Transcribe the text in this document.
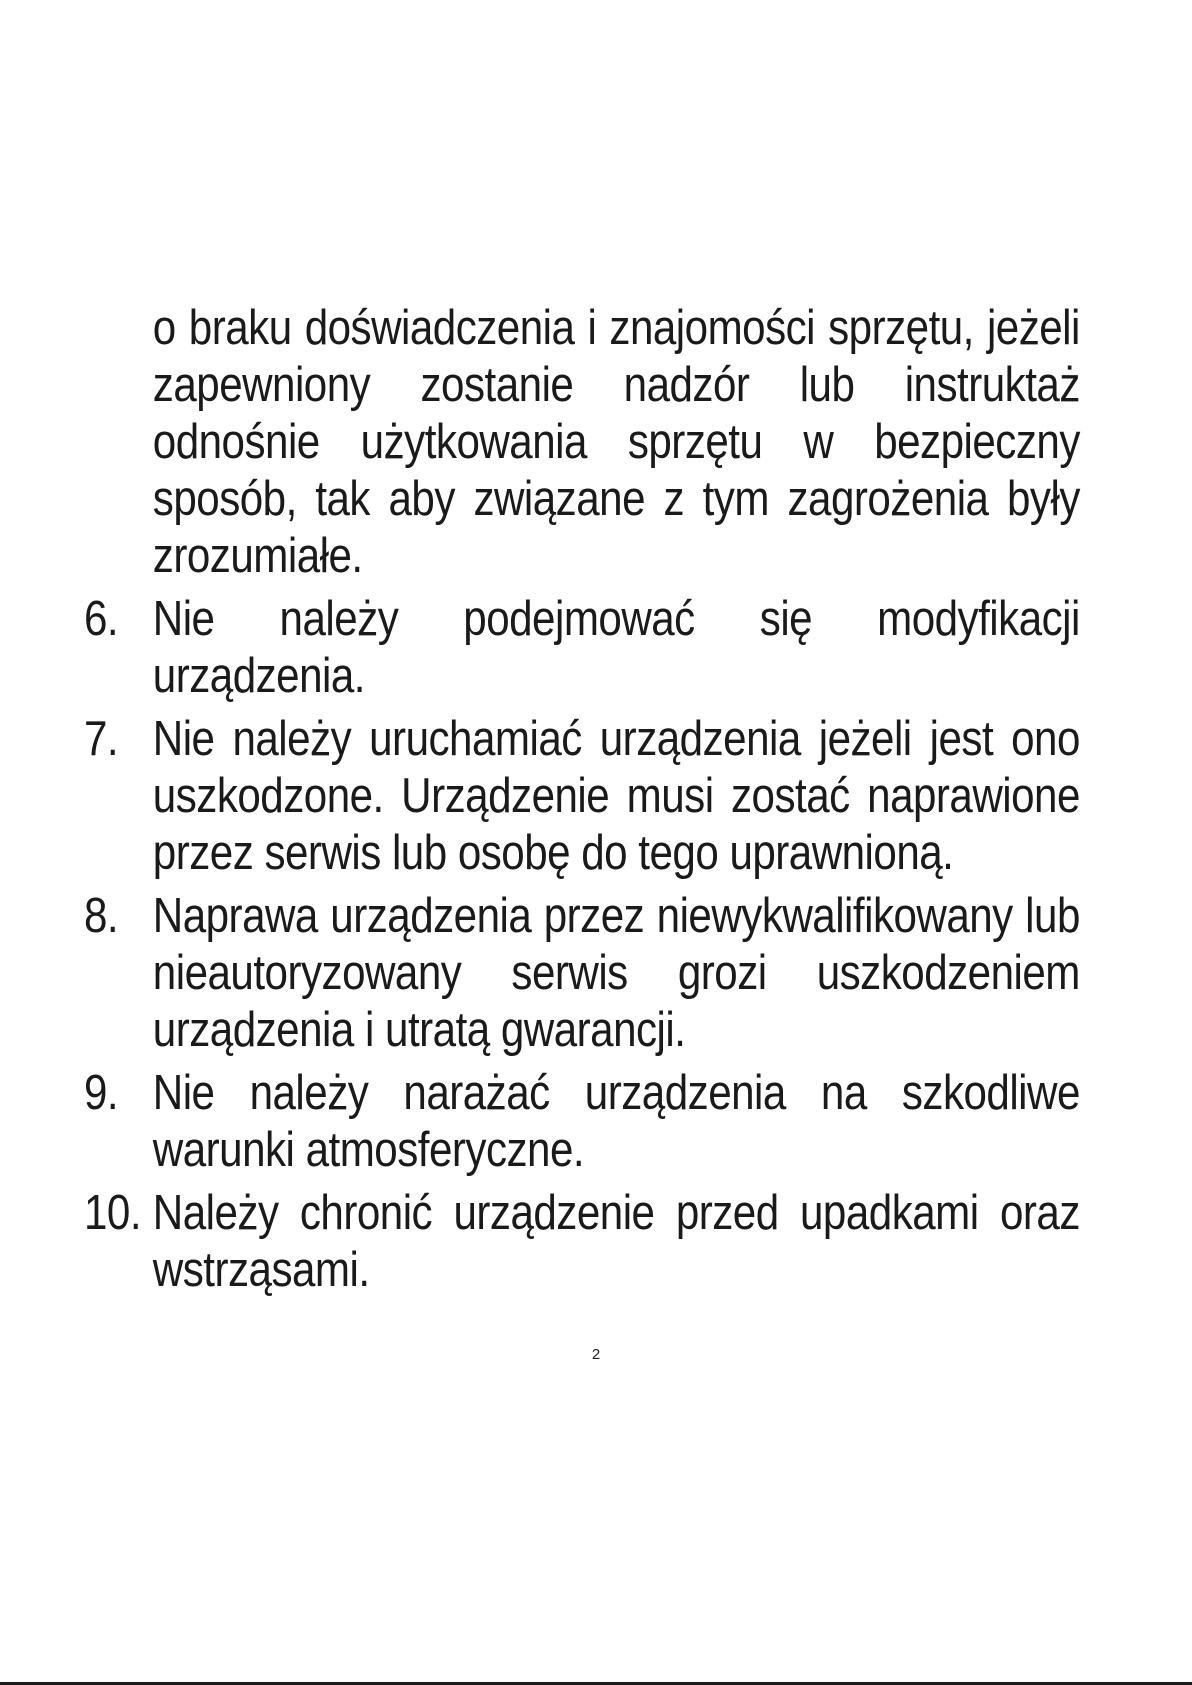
o braku doświadczenia i znajomości sprzętu, jeżeli zapewniony zostanie nadzór lub instruktaż odnośnie użytkowania sprzętu w bezpieczny sposób, tak aby związane z tym zagrożenia były zrozumiałe.

6. Nie należy podejmować się modyfikacji urządzenia.
7. Nie należy uruchamiać urządzenia jeżeli jest ono uszkodzone. Urządzenie musi zostać naprawione przez serwis lub osobę do tego uprawnioną.
8. Naprawa urządzenia przez niewykwalifikowany lub nieautoryzowany serwis grozi uszkodzeniem urządzenia i utratą gwarancji.
9. Nie należy narażać urządzenia na szkodliwe warunki atmosferyczne.
10. Należy chronić urządzenie przed upadkami oraz wstrząsami.
2
